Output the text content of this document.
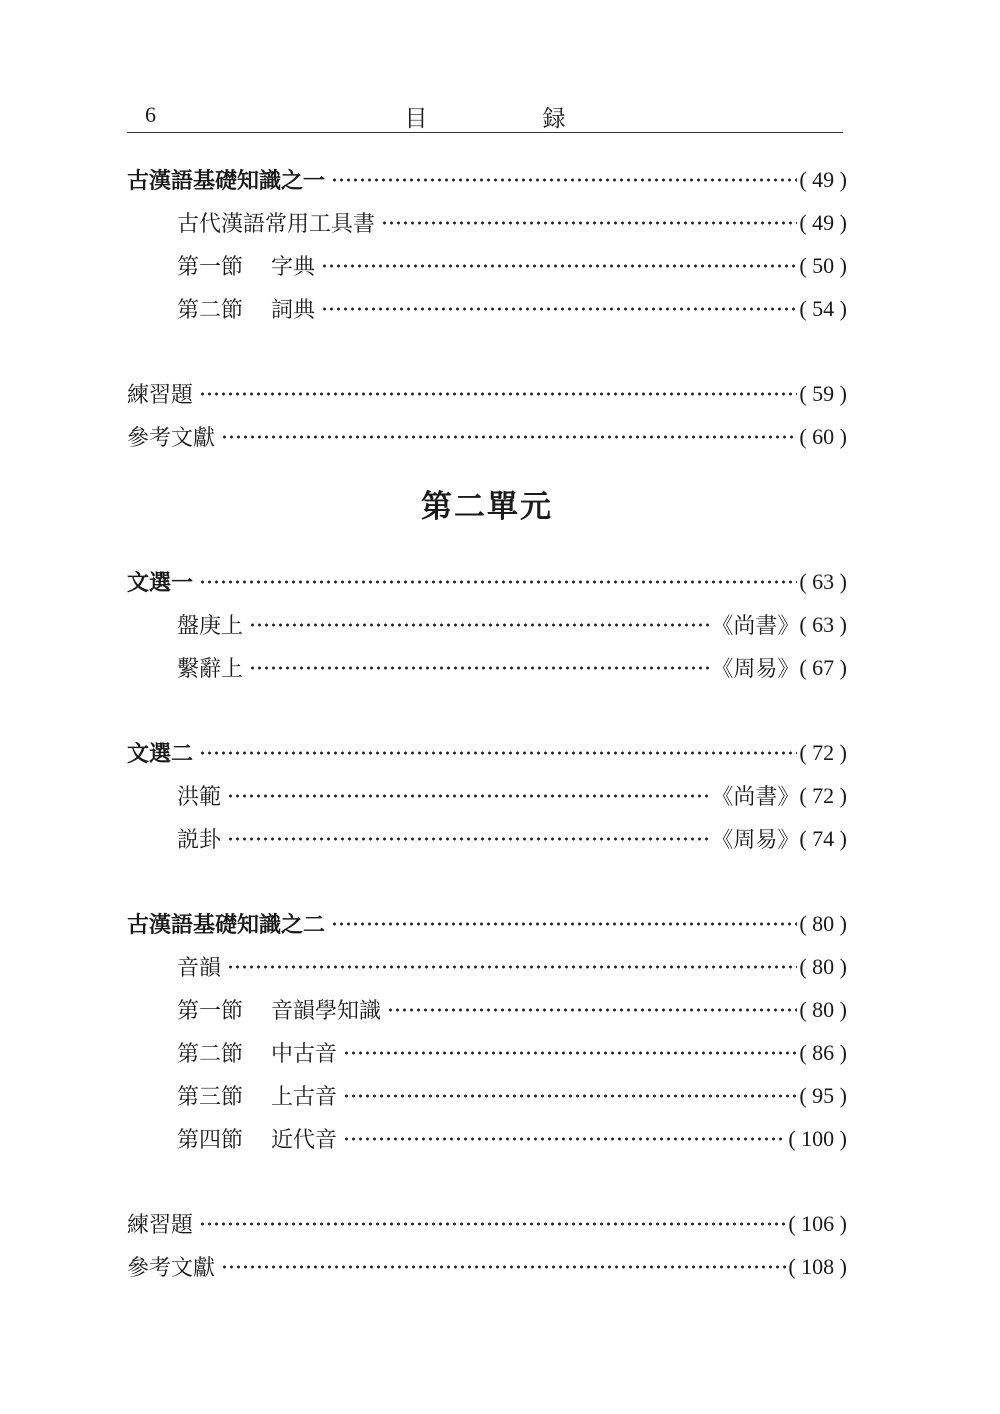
6	目　録
古漢語基礎知識之一	( 49 )
古代漢語常用工具書	( 49 )
第一節 字典	( 50 )
第二節 詞典	( 54 )
練習題	( 59 )
參考文獻	( 60 )
第二單元
文選一	( 63 )
盤庚上	《尚書》 ( 63 )
繫辭上	《周易》 ( 67 )
文選二	( 72 )
洪範	《尚書》 ( 72 )
説卦	《周易》 ( 74 )
古漢語基礎知識之二	( 80 )
音韻	( 80 )
第一節 音韻學知識	( 80 )
第二節 中古音	( 86 )
第三節 上古音	( 95 )
第四節 近代音	( 100 )
練習題	( 106 )
參考文獻	( 108 )
